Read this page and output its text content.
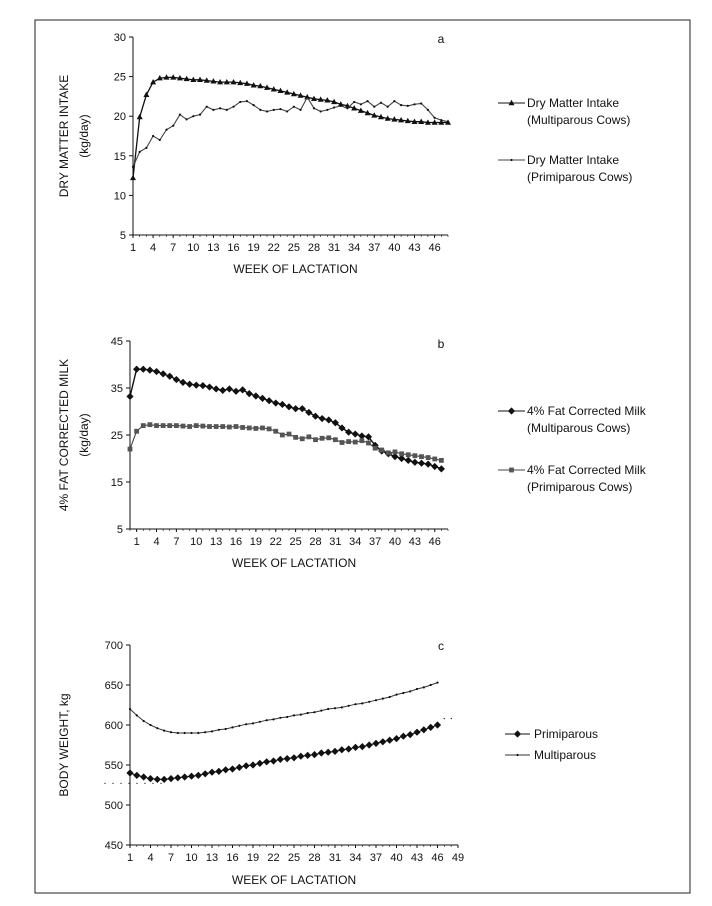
5
10
15
20
25
30
1 4 7 10 13 16 19 22 25 28 31 34 37 40 43 46
DRY MATTER INTAKE (kg/day)
WEEK OF LACTATION
a
Dry Matter Intake
(Multiparous Cows)
Dry Matter Intake
(Primiparous Cows)
5
15
25
35
45
1 4 7 10 13 16 19 22 25 28 31 34 37 40 43 46
4% FAT CORRECTED MILK (kg/day)
WEEK OF LACTATION
b
4% Fat Corrected Milk
(Multiparous Cows)
4% Fat Corrected Milk
(Primiparous Cows)
450
500
550
600
650
700
1 4 7 10 13 16 19 22 25 28 31 34 37 40 43 46 49
BODY WEIGHT, kg
WEEK OF LACTATION
c
Primiparous
Multiparous
